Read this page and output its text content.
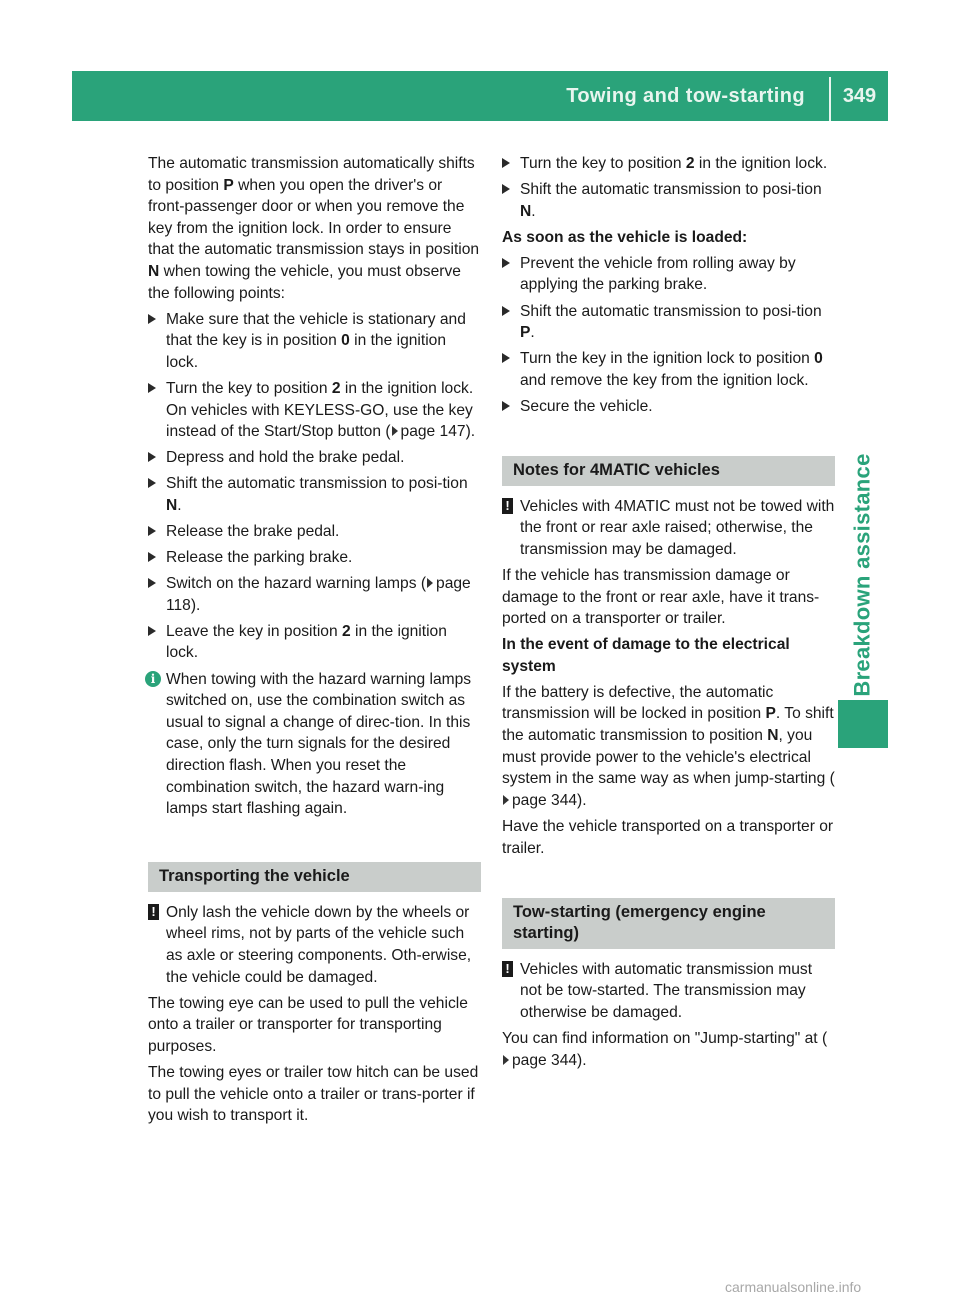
Towing and tow-starting	349
Breakdown assistance

The automatic transmission automatically shifts to position P when you open the driver's or front-passenger door or when you remove the key from the ignition lock. In order to ensure that the automatic transmission stays in position N when towing the vehicle, you must observe the following points:

Make sure that the vehicle is stationary and that the key is in position 0 in the ignition lock.
Turn the key to position 2 in the ignition lock.
On vehicles with KEYLESS-GO, use the key instead of the Start/Stop button ( page 147).
Depress and hold the brake pedal.
Shift the automatic transmission to posi-tion N.
Release the brake pedal.
Release the parking brake.
Switch on the hazard warning lamps ( page 118).
Leave the key in position 2 in the ignition lock.
i When towing with the hazard warning lamps switched on, use the combination switch as usual to signal a change of direc-tion. In this case, only the turn signals for the desired direction flash. When you reset the combination switch, the hazard warn-ing lamps start flashing again.
Transporting the vehicle
! Only lash the vehicle down by the wheels or wheel rims, not by parts of the vehicle such as axle or steering components. Oth-erwise, the vehicle could be damaged.

The towing eye can be used to pull the vehicle onto a trailer or transporter for transporting purposes.

The towing eyes or trailer tow hitch can be used to pull the vehicle onto a trailer or trans-porter if you wish to transport it.

Turn the key to position 2 in the ignition lock.
Shift the automatic transmission to posi-tion N.
As soon as the vehicle is loaded:
Prevent the vehicle from rolling away by applying the parking brake.
Shift the automatic transmission to posi-tion P.
Turn the key in the ignition lock to position 0 and remove the key from the ignition lock.
Secure the vehicle.
Notes for 4MATIC vehicles
! Vehicles with 4MATIC must not be towed with the front or rear axle raised; otherwise, the transmission may be damaged.

If the vehicle has transmission damage or damage to the front or rear axle, have it trans-ported on a transporter or trailer.

In the event of damage to the electrical system

If the battery is defective, the automatic transmission will be locked in position P. To shift the automatic transmission to position N, you must provide power to the vehicle's electrical system in the same way as when jump-starting (page 344).

Have the vehicle transported on a transporter or trailer.

Tow-starting (emergency engine starting)
! Vehicles with automatic transmission must not be tow-started. The transmission may otherwise be damaged.

You can find information on "Jump-starting" at (page 344).

carmanualsonline.info
